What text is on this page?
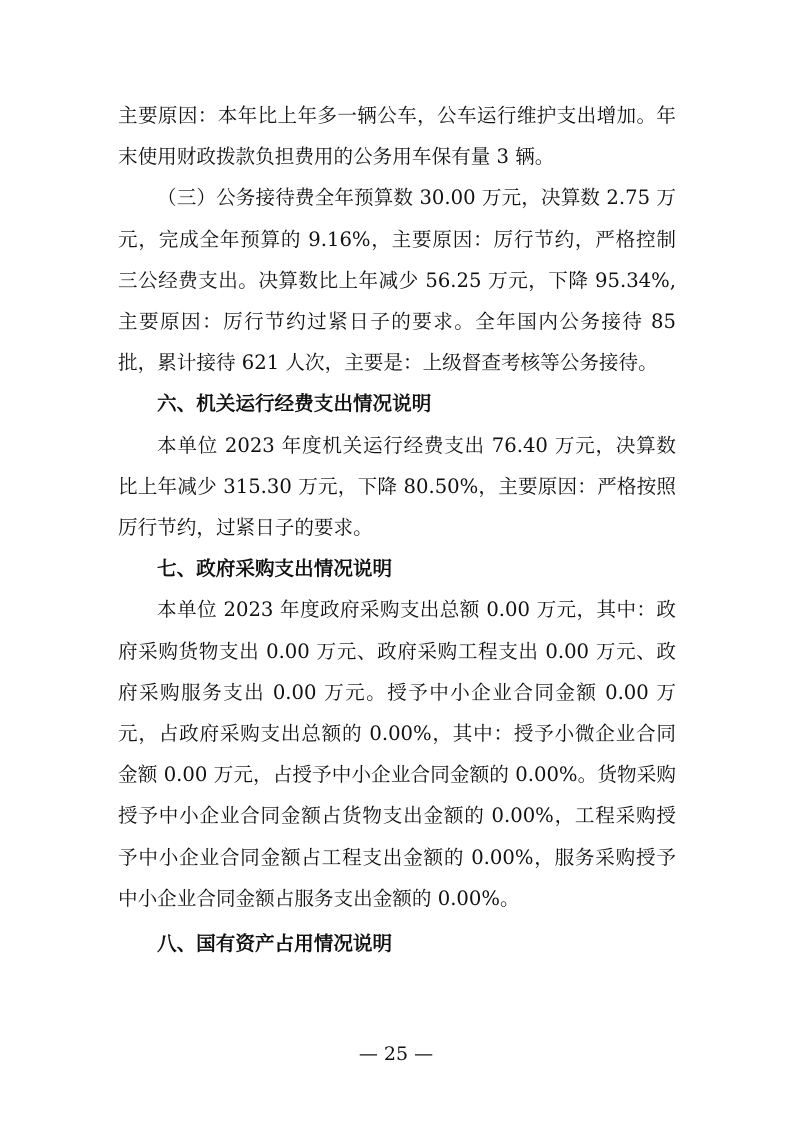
主要原因：本年比上年多一辆公车，公车运行维护支出增加。年末使用财政拨款负担费用的公务用车保有量 3 辆。

（三）公务接待费全年预算数 30.00 万元，决算数 2.75 万元，完成全年预算的 9.16%，主要原因：厉行节约，严格控制三公经费支出。决算数比上年减少 56.25 万元，下降 95.34%,主要原因：厉行节约过紧日子的要求。全年国内公务接待 85 批，累计接待 621 人次，主要是：上级督查考核等公务接待。

六、机关运行经费支出情况说明

本单位 2023 年度机关运行经费支出 76.40 万元，决算数比上年减少 315.30 万元，下降 80.50%，主要原因：严格按照厉行节约，过紧日子的要求。

七、政府采购支出情况说明

本单位 2023 年度政府采购支出总额 0.00 万元，其中：政府采购货物支出 0.00 万元、政府采购工程支出 0.00 万元、政府采购服务支出 0.00 万元。授予中小企业合同金额 0.00 万元，占政府采购支出总额的 0.00%，其中：授予小微企业合同金额 0.00 万元，占授予中小企业合同金额的 0.00%。货物采购授予中小企业合同金额占货物支出金额的 0.00%，工程采购授予中小企业合同金额占工程支出金额的 0.00%，服务采购授予中小企业合同金额占服务支出金额的 0.00%。

八、国有资产占用情况说明

— 25 —
